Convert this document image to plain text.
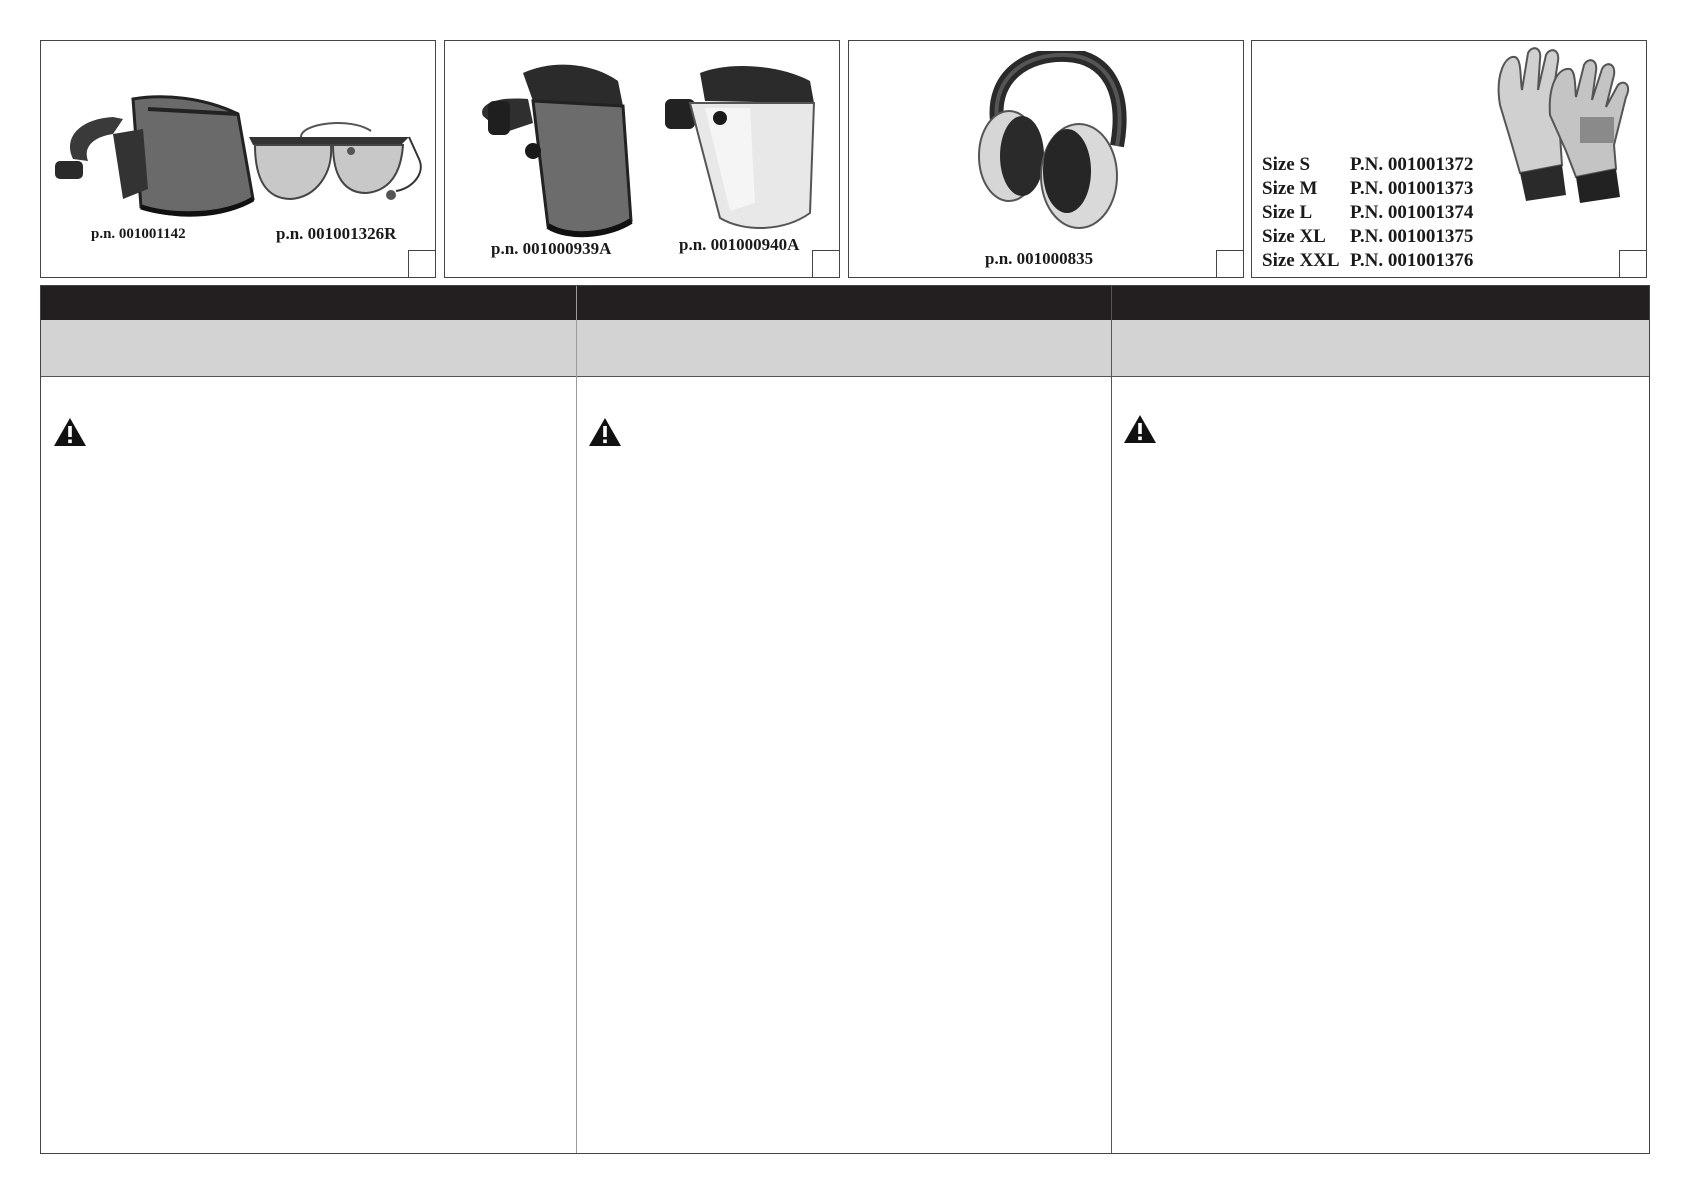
p.n. 001001142	p.n. 001001326R
p.n. 001000939A	p.n. 001000940A
p.n. 001000835
Size S	P.N. 001001372
Size M	P.N. 001001373
Size L	P.N. 001001374
Size XL	P.N. 001001375
Size XXL	P.N. 001001376
